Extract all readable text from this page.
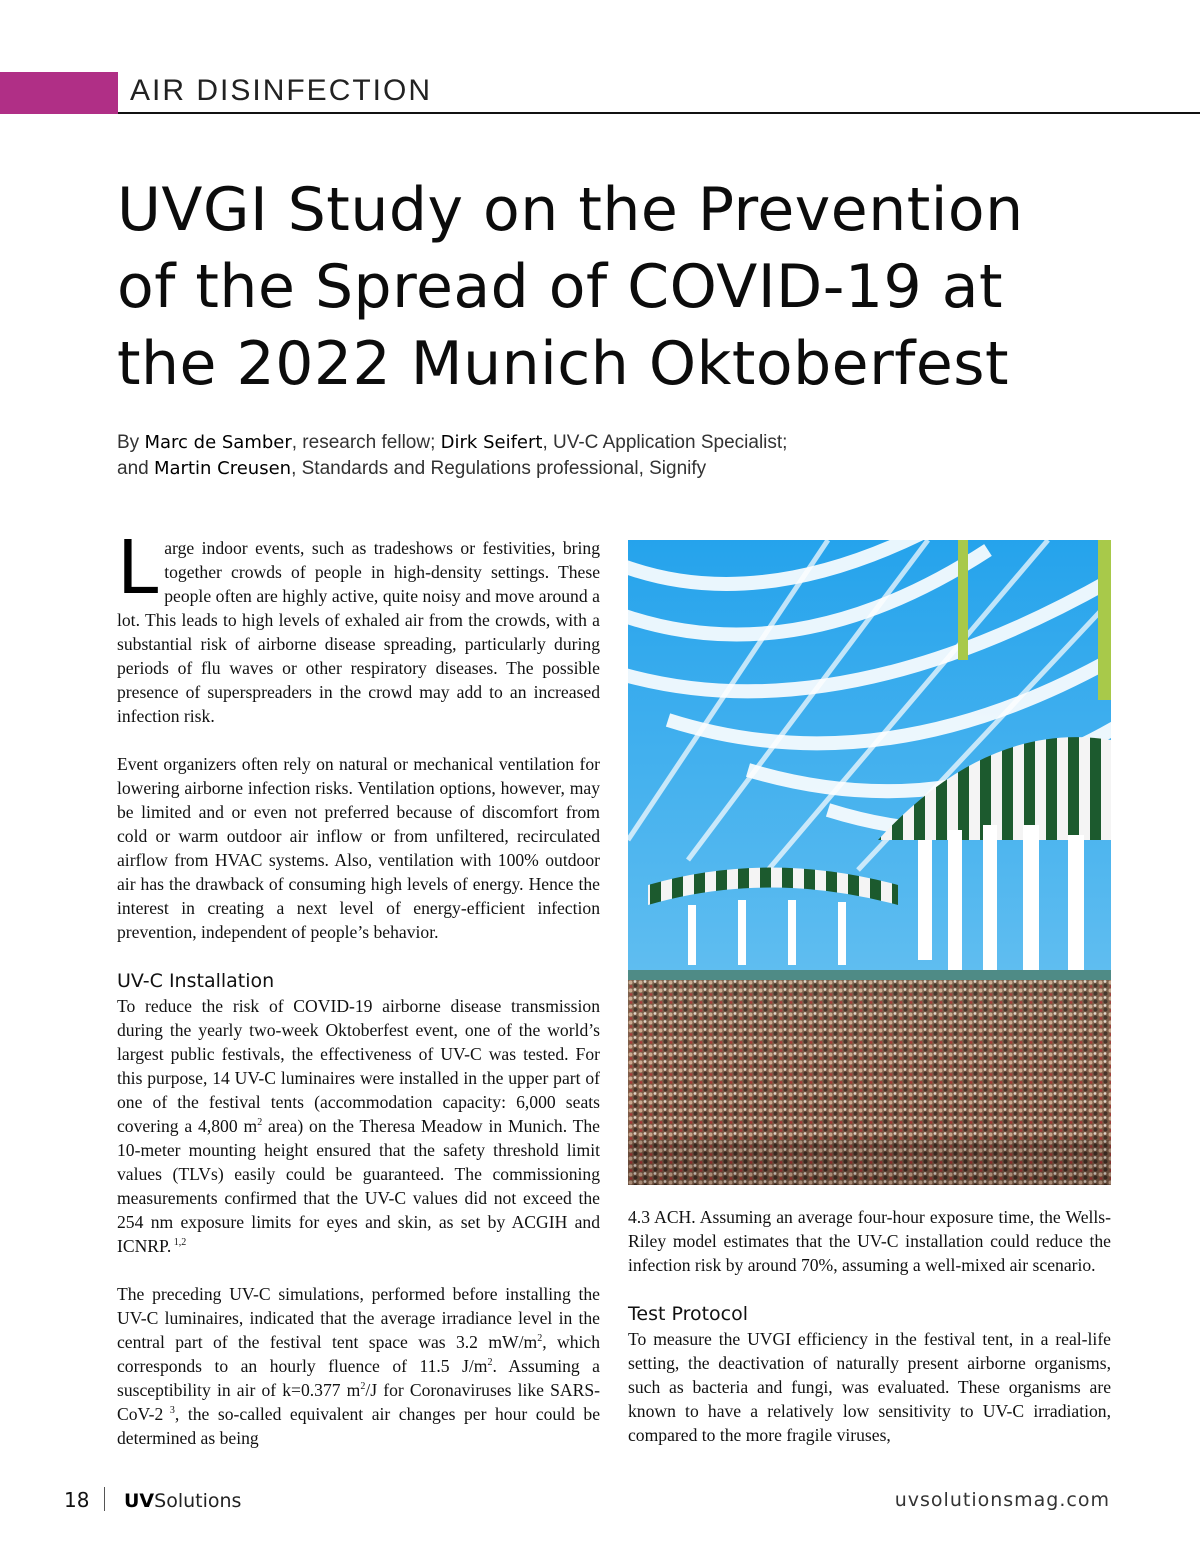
AIR DISINFECTION
UVGI Study on the Prevention
of the Spread of COVID-19 at
the 2022 Munich Oktoberfest
By Marc de Samber, research fellow; Dirk Seifert, UV-C Application Specialist;
and Martin Creusen, Standards and Regulations professional, Signify

Large indoor events, such as tradeshows or festivities, bring together crowds of people in high-density settings. These people often are highly active, quite noisy and move around a lot. This leads to high levels of exhaled air from the crowds, with a substantial risk of airborne disease spreading, particularly during periods of flu waves or other respiratory diseases. The possible presence of superspreaders in the crowd may add to an increased infection risk.

Event organizers often rely on natural or mechanical ventilation for lowering airborne infection risks. Ventilation options, however, may be limited and or even not preferred because of discomfort from cold or warm outdoor air inflow or from unfiltered, recirculated airflow from HVAC systems. Also, ventilation with 100% outdoor air has the drawback of consuming high levels of energy. Hence the interest in creating a next level of energy-efficient infection prevention, independent of people’s behavior.

UV-C Installation

To reduce the risk of COVID-19 airborne disease transmission during the yearly two-week Oktoberfest event, one of the world’s largest public festivals, the effectiveness of UV-C was tested. For this purpose, 14 UV-C luminaires were installed in the upper part of one of the festival tents (accommodation capacity: 6,000 seats covering a 4,800 $m^2$ area) on the Theresa Meadow in Munich. The 10-meter mounting height ensured that the safety threshold limit values (TLVs) easily could be guaranteed. The commissioning measurements confirmed that the UV-C values did not exceed the 254 nm exposure limits for eyes and skin, as set by ACGIH and ICNRP. $^{1,2}$

The preceding UV-C simulations, performed before installing the UV-C luminaires, indicated that the average irradiance level in the central part of the festival tent space was 3.2 $mW/m^2$, which corresponds to an hourly fluence of 11.5 $J/m^2$. Assuming a susceptibility in air of k=0.377 $m^2/J$ for Coronaviruses like SARS-CoV-2 $^3$, the so-called equivalent air changes per hour could be determined as being

4.3 ACH. Assuming an average four-hour exposure time, the Wells-Riley model estimates that the UV-C installation could reduce the infection risk by around 70%, assuming a well-mixed air scenario.

Test Protocol

To measure the UVGI efficiency in the festival tent, in a real-life setting, the deactivation of naturally present airborne organisms, such as bacteria and fungi, was evaluated. These organisms are known to have a relatively low sensitivity to UV-C irradiation, compared to the more fragile viruses,

18 UVSolutions	uvsolutionsmag.com
